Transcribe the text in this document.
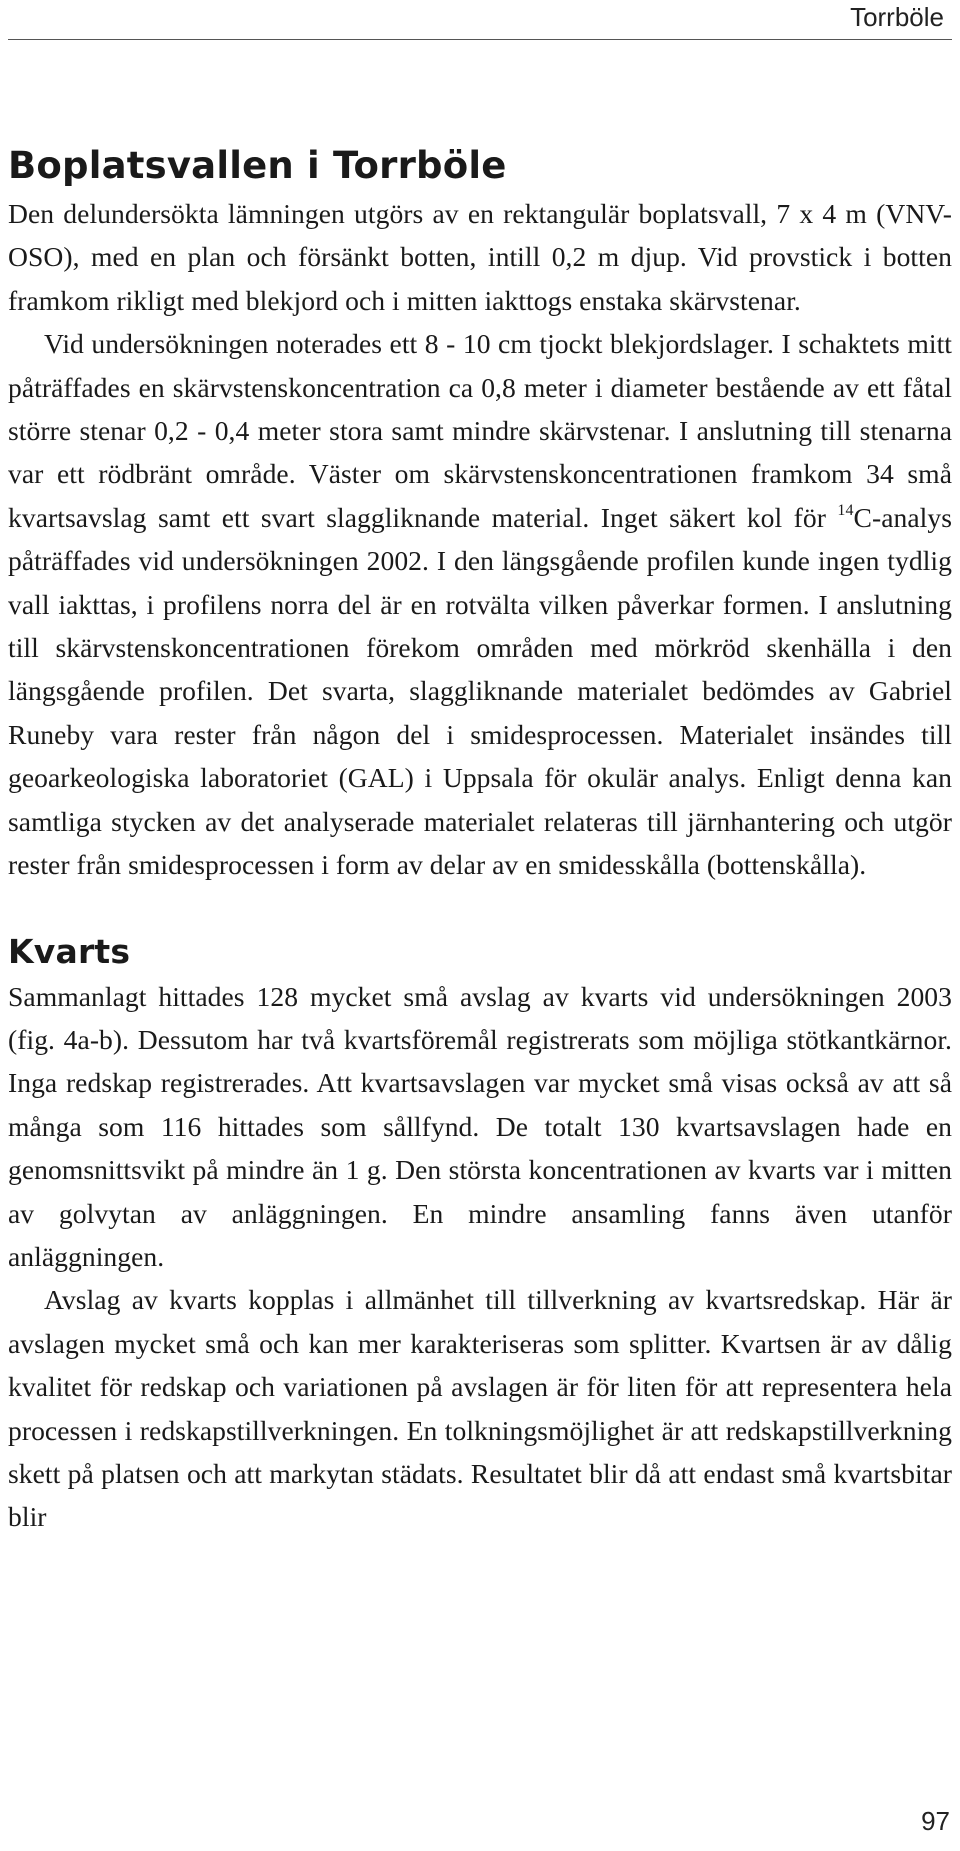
Torrböle
Boplatsvallen i Torrböle

Den delundersökta lämningen utgörs av en rektangulär boplatsvall, 7 x 4 m (VNV-OSO), med en plan och försänkt botten, intill 0,2 m djup. Vid provstick i botten framkom rikligt med blekjord och i mitten iakttogs enstaka skärvstenar.

Vid undersökningen noterades ett 8 - 10 cm tjockt blekjordslager. I schaktets mitt påträffades en skärvstenskoncentration ca 0,8 meter i diameter bestående av ett fåtal större stenar 0,2 - 0,4 meter stora samt mindre skärvstenar. I anslutning till stenarna var ett rödbränt område. Väster om skärvstenskoncentrationen framkom 34 små kvartsavslag samt ett svart slaggliknande material. Inget säkert kol för $^{14}$C-analys påträffades vid undersökningen 2002. I den längsgående profilen kunde ingen tydlig vall iakttas, i profilens norra del är en rotvälta vilken påverkar formen. I anslutning till skärvstenskoncentrationen förekom områden med mörkröd skenhälla i den längsgående profilen. Det svarta, slaggliknande materialet bedömdes av Gabriel Runeby vara rester från någon del i smidesprocessen. Materialet insändes till geoarkeologiska laboratoriet (GAL) i Uppsala för okulär analys. Enligt denna kan samtliga stycken av det analyserade materialet relateras till järnhantering och utgör rester från smidesprocessen i form av delar av en smidesskålla (bottenskålla).

Kvarts

Sammanlagt hittades 128 mycket små avslag av kvarts vid undersökningen 2003 (fig. 4a-b). Dessutom har två kvartsföremål registrerats som möjliga stötkantkärnor. Inga redskap registrerades. Att kvartsavslagen var mycket små visas också av att så många som 116 hittades som sållfynd. De totalt 130 kvartsavslagen hade en genomsnittsvikt på mindre än 1 g. Den största koncentrationen av kvarts var i mitten av golvytan av anläggningen. En mindre ansamling fanns även utanför anläggningen.

Avslag av kvarts kopplas i allmänhet till tillverkning av kvartsredskap. Här är avslagen mycket små och kan mer karakteriseras som splitter. Kvartsen är av dålig kvalitet för redskap och variationen på avslagen är för liten för att representera hela processen i redskapstillverkningen. En tolkningsmöjlighet är att redskapstillverkning skett på platsen och att markytan städats. Resultatet blir då att endast små kvartsbitar blir

97
